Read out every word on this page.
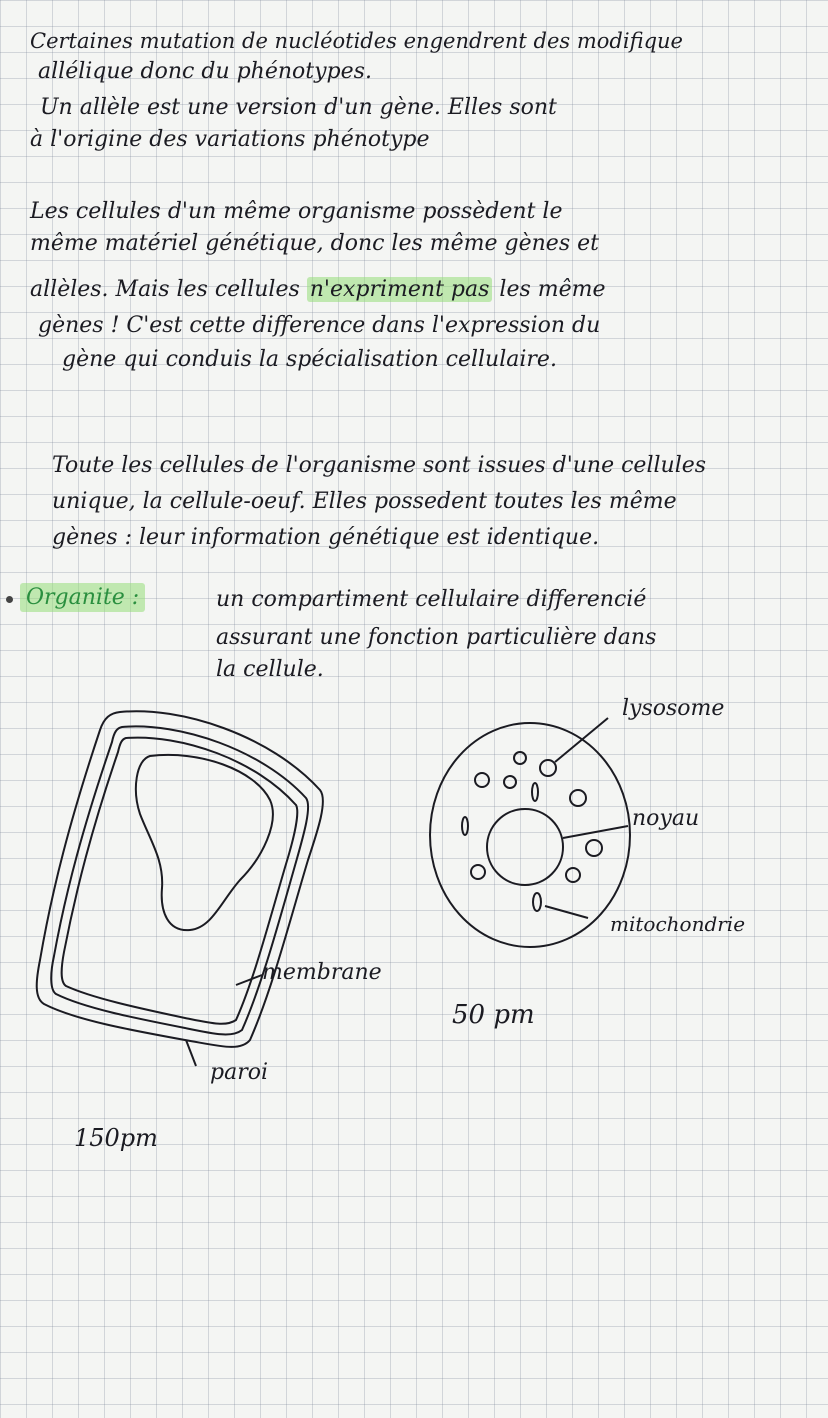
Certaines mutation de nucléotides engendrent des modifique
allélique donc du phénotypes.
Un allèle est une version d'un gène. Elles sont
à l'origine des variations phénotype
Les cellules d'un même organisme possèdent le
même matériel génétique, donc les même gènes et
allèles. Mais les cellules n'expriment pas les même
gènes ! C'est cette difference dans l'expression du
gène qui conduis la spécialisation cellulaire.
Toute les cellules de l'organisme sont issues d'une cellules
unique, la cellule-oeuf. Elles possedent toutes les même
gènes : leur information génétique est identique.
Organite :	un compartiment cellulaire differencié
assurant une fonction particulière dans
la cellule.
membrane
paroi
150pm
lysosome
noyau
mitochondrie
50 pm
